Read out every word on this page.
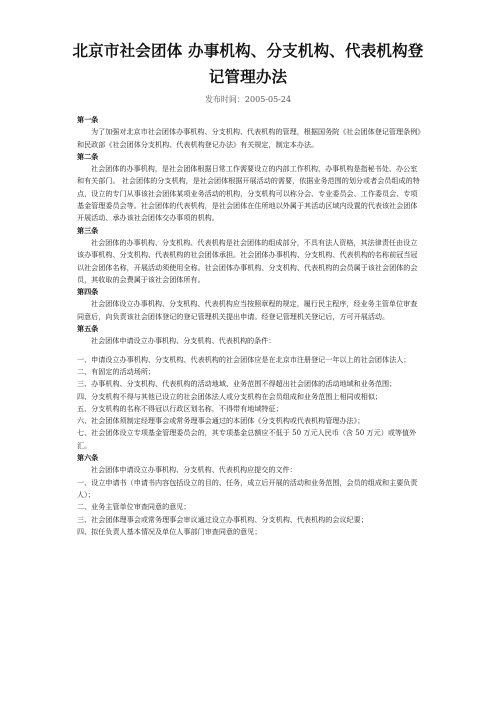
北京市社会团体 办事机构、分支机构、代表机构登
记管理办法
发布时间：2005-05-24

第一条

为了加强对北京市社会团体办事机构、分支机构、代表机构的管理，根据国务院《社会团体登记管理条例》和民政部《社会团体分支机构、代表机构登记办法》有关规定，制定本办法。

第二条

社会团体的办事机构，是社会团体根据日常工作需要设立的内部工作机构，办事机构是指秘书处、办公室和有关部门。 社会团体的分支机构，是社会团体根据开展活动的需要，依据业务范围的划分或者会员组成的特点，设立的专门从事该社会团体某项业务活动的机构，分支机构可以称分会、专业委员会、工作委员会、专项基金管理委员会等。社会团体的代表机构，是社会团体在住所地以外属于其活动区域内设置的代表该社会团体开展活动、承办该社会团体交办事项的机构。

第三条

社会团体的办事机构、分支机构、代表机构是社会团体的组成部分，不具有法人资格，其法律责任由设立该办事机构、分支机构、代表机构的社会团体承担。社会团体办事机构、分支机构、代表机构的名称前冠当冠以社会团体名称，开展活动须使用全称。社会团体办事机构、分支机构、代表机构的会员属于该社会团体的会员，其收取的会费属于该社会团体所有。

第四条

社会团体设立办事机构、分支机构、代表机构应当按照章程的规定，履行民主程序，经业务主管单位审查同意后，向负责该社会团体登记的登记管理机关提出申请。经登记管理机关登记后，方可开展活动。

第五条

社会团体申请设立办事机构、分支机构、代表机构的条件：

一、申请设立办事机构、分支机构、代表机构的社会团体应是在北京市注册登记一年以上的社会团体法人；

二、有固定的活动场所；

三、办事机构、分支机构、代表机构的活动地域、业务范围不得超出社会团体的活动地域和业务范围；

四、分支机构不得与其他已设立的社会团体法人或分支机构在会员组成和业务范围上相同或相似；

五、分支机构的名称不得冠以行政区划名称，不得带有地域特征；

六、社会团体须制定经理事会或常务理事会通过的本团体《分支机构或代表机构管理办法》；

七、社会团体设立专项基金管理委员会的，其专项基金总额应不低于 50 万元人民币（含 50 万元）或等值外汇。

第六条

社会团体申请设立办事机构、分支机构、代表机构应提交的文件：

一、设立申请书（申请书内容包括设立的目的、任务，成立后开展的活动和业务范围，会员的组成和主要负责人）；

二、业务主管单位审查同意的意见；

三、社会团体理事会或常务理事会审议通过设立办事机构、分支机构、代表机构的会议纪要；

四、拟任负责人基本情况及单位人事部门审查同意的意见；
